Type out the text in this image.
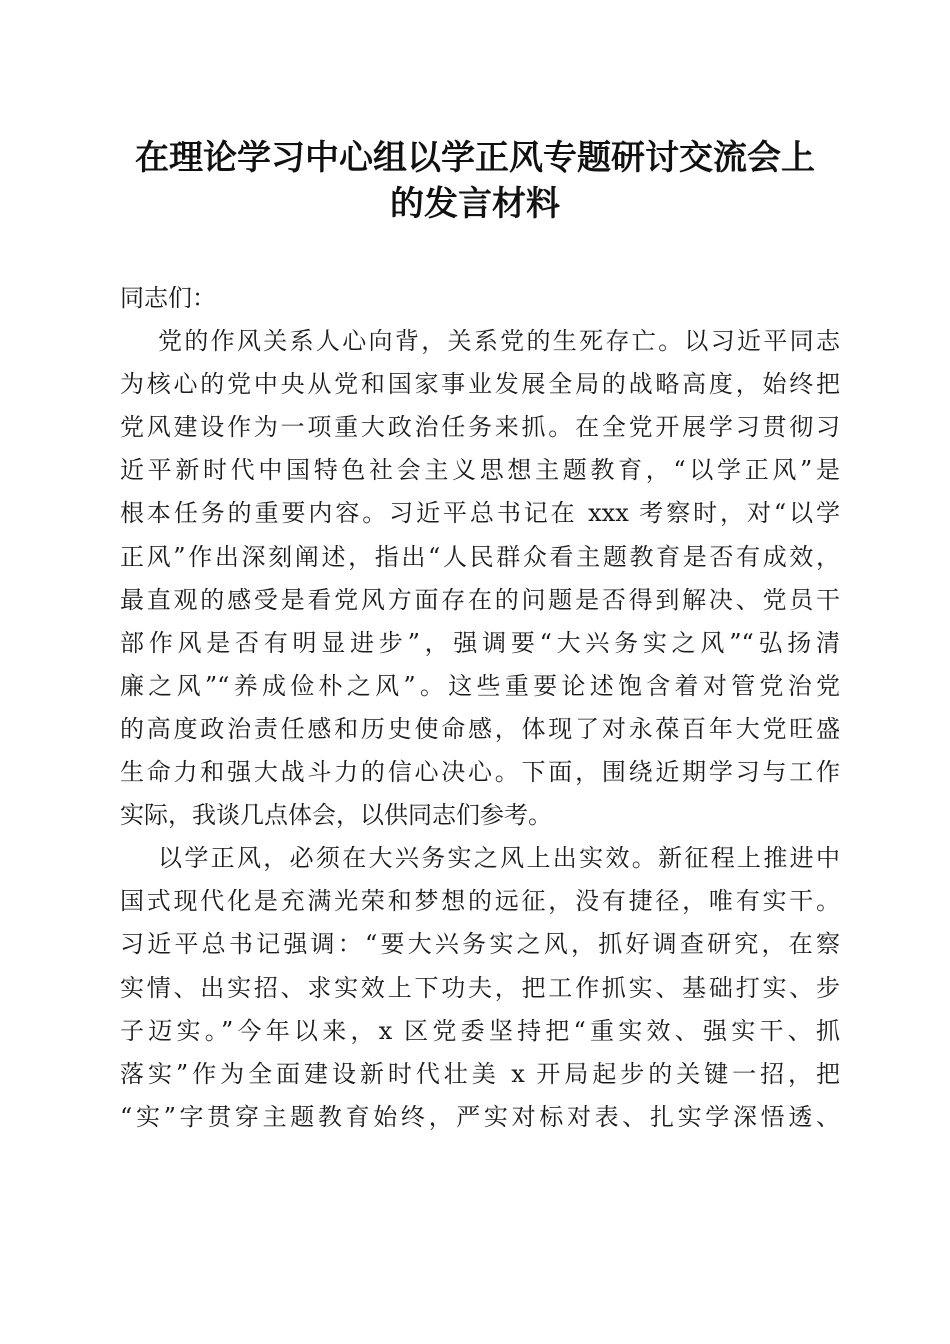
在理论学习中心组以学正风专题研讨交流会上
的发言材料
同志们：
党的作风关系人心向背，关系党的生死存亡。以习近平同志
为核心的党中央从党和国家事业发展全局的战略高度，始终把
党风建设作为一项重大政治任务来抓。在全党开展学习贯彻习
近平新时代中国特色社会主义思想主题教育，“以学正风”是
根本任务的重要内容。习近平总书记在 xxx 考察时，对“以学
正风”作出深刻阐述，指出“人民群众看主题教育是否有成效，
最直观的感受是看党风方面存在的问题是否得到解决、党员干
部作风是否有明显进步”，强调要“大兴务实之风”“弘扬清
廉之风”“养成俭朴之风”。这些重要论述饱含着对管党治党
的高度政治责任感和历史使命感，体现了对永葆百年大党旺盛
生命力和强大战斗力的信心决心。下面，围绕近期学习与工作
实际，我谈几点体会，以供同志们参考。
以学正风，必须在大兴务实之风上出实效。新征程上推进中
国式现代化是充满光荣和梦想的远征，没有捷径，唯有实干。
习近平总书记强调：“要大兴务实之风，抓好调查研究，在察
实情、出实招、求实效上下功夫，把工作抓实、基础打实、步
子迈实。”今年以来，x 区党委坚持把“重实效、强实干、抓
落实”作为全面建设新时代壮美 x 开局起步的关键一招，把
“实”字贯穿主题教育始终，严实对标对表、扎实学深悟透、
